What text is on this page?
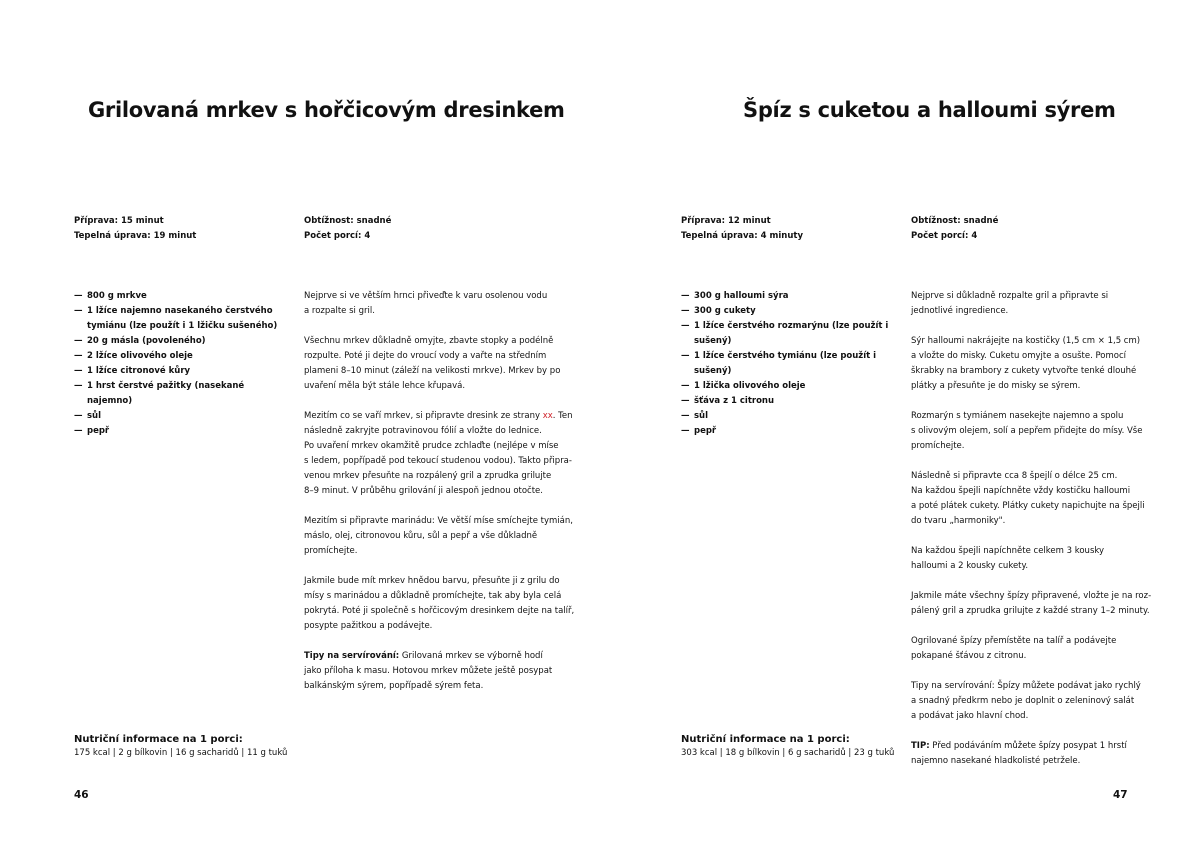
Grilovaná mrkev s hořčicovým dresinkem
Příprava: 15 minut
Tepelná úprava: 19 minut
Obtížnost: snadné
Počet porcí: 4
— 800 g mrkve
— 1 lžíce najemno nasekaného čerstvého tymiánu (lze použít i 1 lžičku sušeného)
— 20 g másla (povoleného)
— 2 lžíce olivového oleje
— 1 lžíce citronové kůry
— 1 hrst čerstvé pažitky (nasekané najemno)
— sůl
— pepř

Nejprve si ve větším hrnci přiveďte k varu osolenou vodu
a rozpalte si gril.

Všechnu mrkev důkladně omyjte, zbavte stopky a podélně
rozpulte. Poté ji dejte do vroucí vody a vařte na středním
plameni 8–10 minut (záleží na velikosti mrkve). Mrkev by po
uvaření měla být stále lehce křupavá.

Mezitím co se vaří mrkev, si připravte dresink ze strany xx. Ten
následně zakryjte potravinovou fólií a vložte do lednice.
Po uvaření mrkev okamžitě prudce zchlaďte (nejlépe v míse
s ledem, popřípadě pod tekoucí studenou vodou). Takto připra-
venou mrkev přesuňte na rozpálený gril a zprudka grilujte
8–9 minut. V průběhu grilování ji alespoň jednou otočte.

Mezitím si připravte marinádu: Ve větší míse smíchejte tymián,
máslo, olej, citronovou kůru, sůl a pepř a vše důkladně
promíchejte.

Jakmile bude mít mrkev hnědou barvu, přesuňte ji z grilu do
mísy s marinádou a důkladně promíchejte, tak aby byla celá
pokrytá. Poté ji společně s hořčicovým dresinkem dejte na talíř,
posypte pažitkou a podávejte.

Tipy na servírování: Grilovaná mrkev se výborně hodí
jako příloha k masu. Hotovou mrkev můžete ještě posypat
balkánským sýrem, popřípadě sýrem feta.

Nutriční informace na 1 porci:
175 kcal | 2 g bílkovin | 16 g sacharidů | 11 g tuků
46
Špíz s cuketou a halloumi sýrem
Příprava: 12 minut
Tepelná úprava: 4 minuty
Obtížnost: snadné
Počet porcí: 4
— 300 g halloumi sýra
— 300 g cukety
— 1 lžíce čerstvého rozmarýnu (lze použít i sušený)
— 1 lžíce čerstvého tymiánu (lze použít i sušený)
— 1 lžička olivového oleje
— šťáva z 1 citronu
— sůl
— pepř

Nejprve si důkladně rozpalte gril a připravte si
jednotlivé ingredience.

Sýr halloumi nakrájejte na kostičky (1,5 cm × 1,5 cm)
a vložte do misky. Cuketu omyjte a osušte. Pomocí
škrabky na brambory z cukety vytvořte tenké dlouhé
plátky a přesuňte je do misky se sýrem.

Rozmarýn s tymiánem nasekejte najemno a spolu
s olivovým olejem, solí a pepřem přidejte do mísy. Vše
promíchejte.

Následně si připravte cca 8 špejlí o délce 25 cm.
Na každou špejli napíchněte vždy kostičku halloumi
a poté plátek cukety. Plátky cukety napichujte na špejli
do tvaru „harmoniky".

Na každou špejli napíchněte celkem 3 kousky
halloumi a 2 kousky cukety.

Jakmile máte všechny špízy připravené, vložte je na roz-
pálený gril a zprudka grilujte z každé strany 1–2 minuty.

Ogrilované špízy přemístěte na talíř a podávejte
pokapané šťávou z citronu.

Tipy na servírování: Špízy můžete podávat jako rychlý
a snadný předkrm nebo je doplnit o zeleninový salát
a podávat jako hlavní chod.

TIP: Před podáváním můžete špízy posypat 1 hrstí
najemno nasekané hladkolisté petrželе.

Nutriční informace na 1 porci:
303 kcal | 18 g bílkovin | 6 g sacharidů | 23 g tuků
47
